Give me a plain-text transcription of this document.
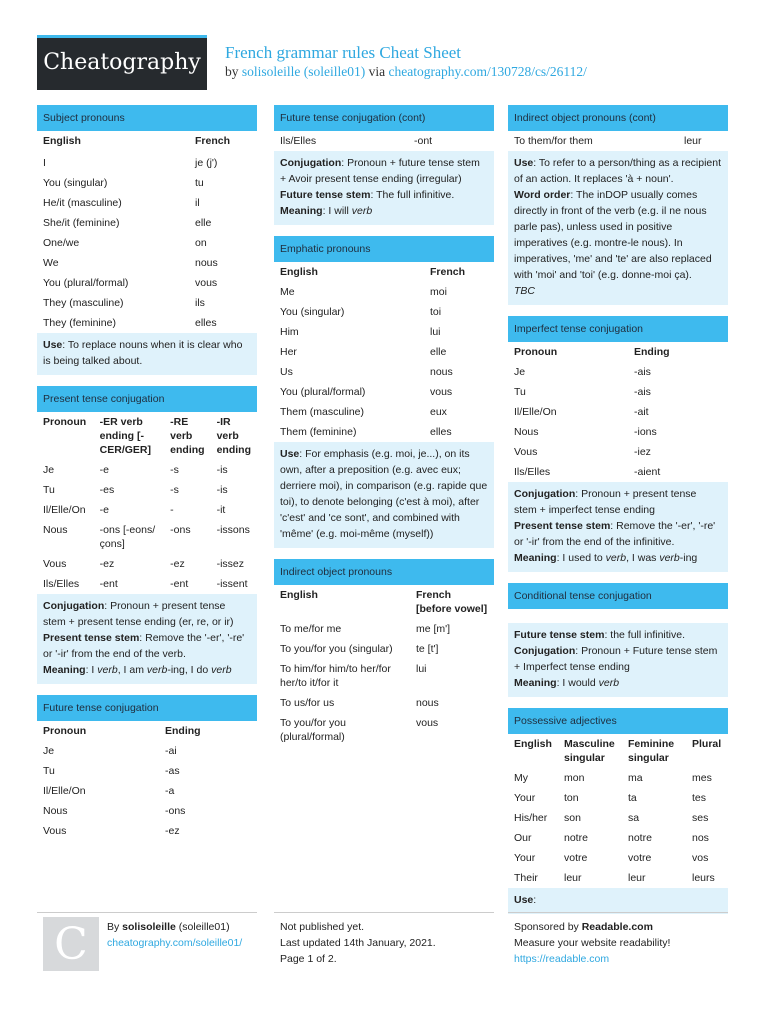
Cheatography French grammar rules Cheat Sheet
by solisoleille (soleille01) via cheatography.com/130728/cs/26112/
Subject pronouns
English	French
I	je (j')
You (singular)	tu
He/it (masculine)	il
She/it (feminine)	elle
One/we	on
We	nous
You (plural/formal)	vous
They (masculine)	ils
They (feminine)	elles
Use: To replace nouns when it is clear who is being talked about.
Present tense conjugation
Pronoun	-ER verb ending [-CER/GER]	-RE verb ending	-IR verb ending
Je	-e	-s	-is
Tu	-es	-s	-is
Il/Elle/On	-e	-	-it
Nous	-ons [-eons/çons]	-ons	-issons
Vous	-ez	-ez	-issez
Ils/Elles	-ent	-ent	-issent
Conjugation: Pronoun + present tense stem + present tense ending (er, re, or ir)
Present tense stem: Remove the '-er', '-re' or '-ir' from the end of the verb.
Meaning: I verb, I am verb-ing, I do verb
Future tense conjugation
Pronoun	Ending
Je	-ai
Tu	-as
Il/Elle/On	-a
Nous	-ons
Vous	-ez
Future tense conjugation (cont)
Ils/Elles	-ont
Conjugation: Pronoun + future tense stem + Avoir present tense ending (irregular)
Future tense stem: The full infinitive.
Meaning: I will verb
Emphatic pronouns
English	French
Me	moi
You (singular)	toi
Him	lui
Her	elle
Us	nous
You (plural/formal)	vous
Them (masculine)	eux
Them (feminine)	elles
Use: For emphasis (e.g. moi, je...), on its own, after a preposition (e.g. avec eux; derriere moi), in comparison (e.g. rapide que toi), to denote belonging (c'est à moi), after 'c'est' and 'ce sont', and combined with 'même' (e.g. moi-même (myself))
Indirect object pronouns
English	French [before vowel]
To me/for me	me [m']
To you/for you (singular)	te [t']
To him/for him/to her/for her/to it/for it	lui
To us/for us	nous
To you/for you (plural/formal)	vous
Indirect object pronouns (cont)
To them/for them	leur
Use: To refer to a person/thing as a recipient of an action. It replaces 'à + noun'.
Word order: The inDOP usually comes directly in front of the verb (e.g. il ne nous parle pas), unless used in positive imperatives (e.g. montre-le nous). In imperatives, 'me' and 'te' are also replaced with 'moi' and 'toi' (e.g. donne-moi ça).
TBC
Imperfect tense conjugation
Pronoun	Ending
Je	-ais
Tu	-ais
Il/Elle/On	-ait
Nous	-ions
Vous	-iez
Ils/Elles	-aient
Conjugation: Pronoun + present tense stem + imperfect tense ending
Present tense stem: Remove the '-er', '-re' or '-ir' from the end of the infinitive.
Meaning: I used to verb, I was verb-ing
Conditional tense conjugation
Future tense stem: the full infinitive.
Conjugation: Pronoun + Future tense stem + Imperfect tense ending
Meaning: I would verb
Possessive adjectives
English	Masculine singular	Feminine singular	Plural
My	mon	ma	mes
Your	ton	ta	tes
His/her	son	sa	ses
Our	notre	notre	nos
Your	votre	votre	vos
Their	leur	leur	leurs
Use:
C	By solisoleille (soleille01)
cheatography.com/soleille01/
Not published yet.
Last updated 14th January, 2021.
Page 1 of 2.
Sponsored by Readable.com
Measure your website readability!
https://readable.com
